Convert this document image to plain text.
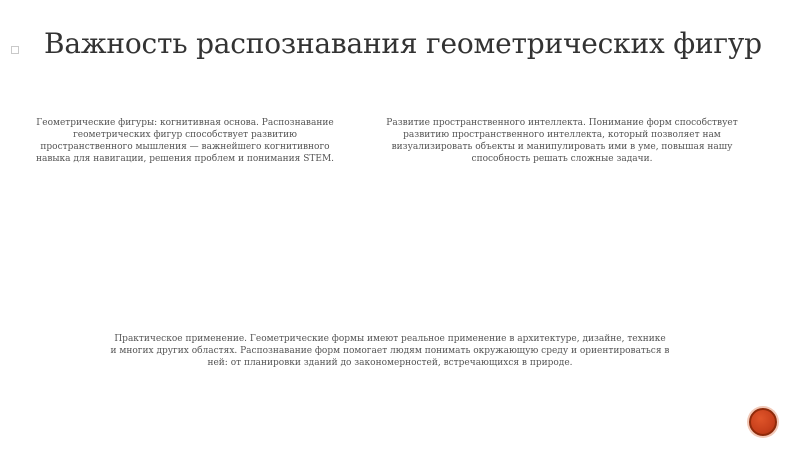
Важность распознавания геометрических фигур

Геометрические фигуры: когнитивная основа. Распознавание геометрических фигур способствует развитию пространственного мышления — важнейшего когнитивного навыка для навигации, решения проблем и понимания STEM.

Развитие пространственного интеллекта. Понимание форм способствует развитию пространственного интеллекта, который позволяет нам визуализировать объекты и манипулировать ими в уме, повышая нашу способность решать сложные задачи.

Практическое применение. Геометрические формы имеют реальное применение в архитектуре, дизайне, технике и многих других областях. Распознавание форм помогает людям понимать окружающую среду и ориентироваться в ней: от планировки зданий до закономерностей, встречающихся в природе.
